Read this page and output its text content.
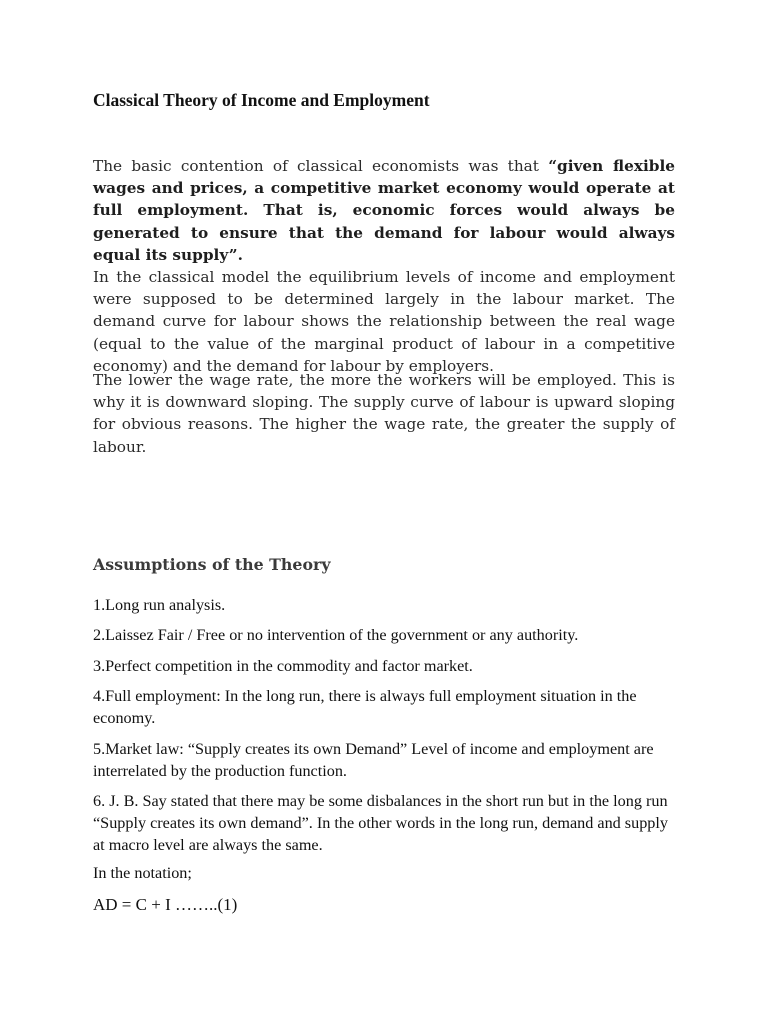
Classical Theory of Income and Employment

The basic contention of classical economists was that “given flexible wages and prices, a competitive market economy would operate at full employment. That is, economic forces would always be generated to ensure that the demand for labour would always equal its supply”.
In the classical model the equilibrium levels of income and employment were supposed to be determined largely in the labour market. The demand curve for labour shows the relationship between the real wage (equal to the value of the marginal product of labour in a competitive economy) and the demand for labour by employers.

The lower the wage rate, the more the workers will be employed. This is why it is downward sloping. The supply curve of labour is upward sloping for obvious reasons. The higher the wage rate, the greater the supply of labour.

Assumptions of the Theory

1.Long run analysis.

2.Laissez Fair / Free or no intervention of the government or any authority.

3.Perfect competition in the commodity and factor market.

4.Full employment: In the long run, there is always full employment situation in the economy.

5.Market law: “Supply creates its own Demand” Level of income and employment are interrelated by the production function.

6. J. B. Say stated that there may be some disbalances in the short run but in the long run “Supply creates its own demand”. In the other words in the long run, demand and supply at macro level are always the same.

In the notation;

AD = C + I ……..(1)
